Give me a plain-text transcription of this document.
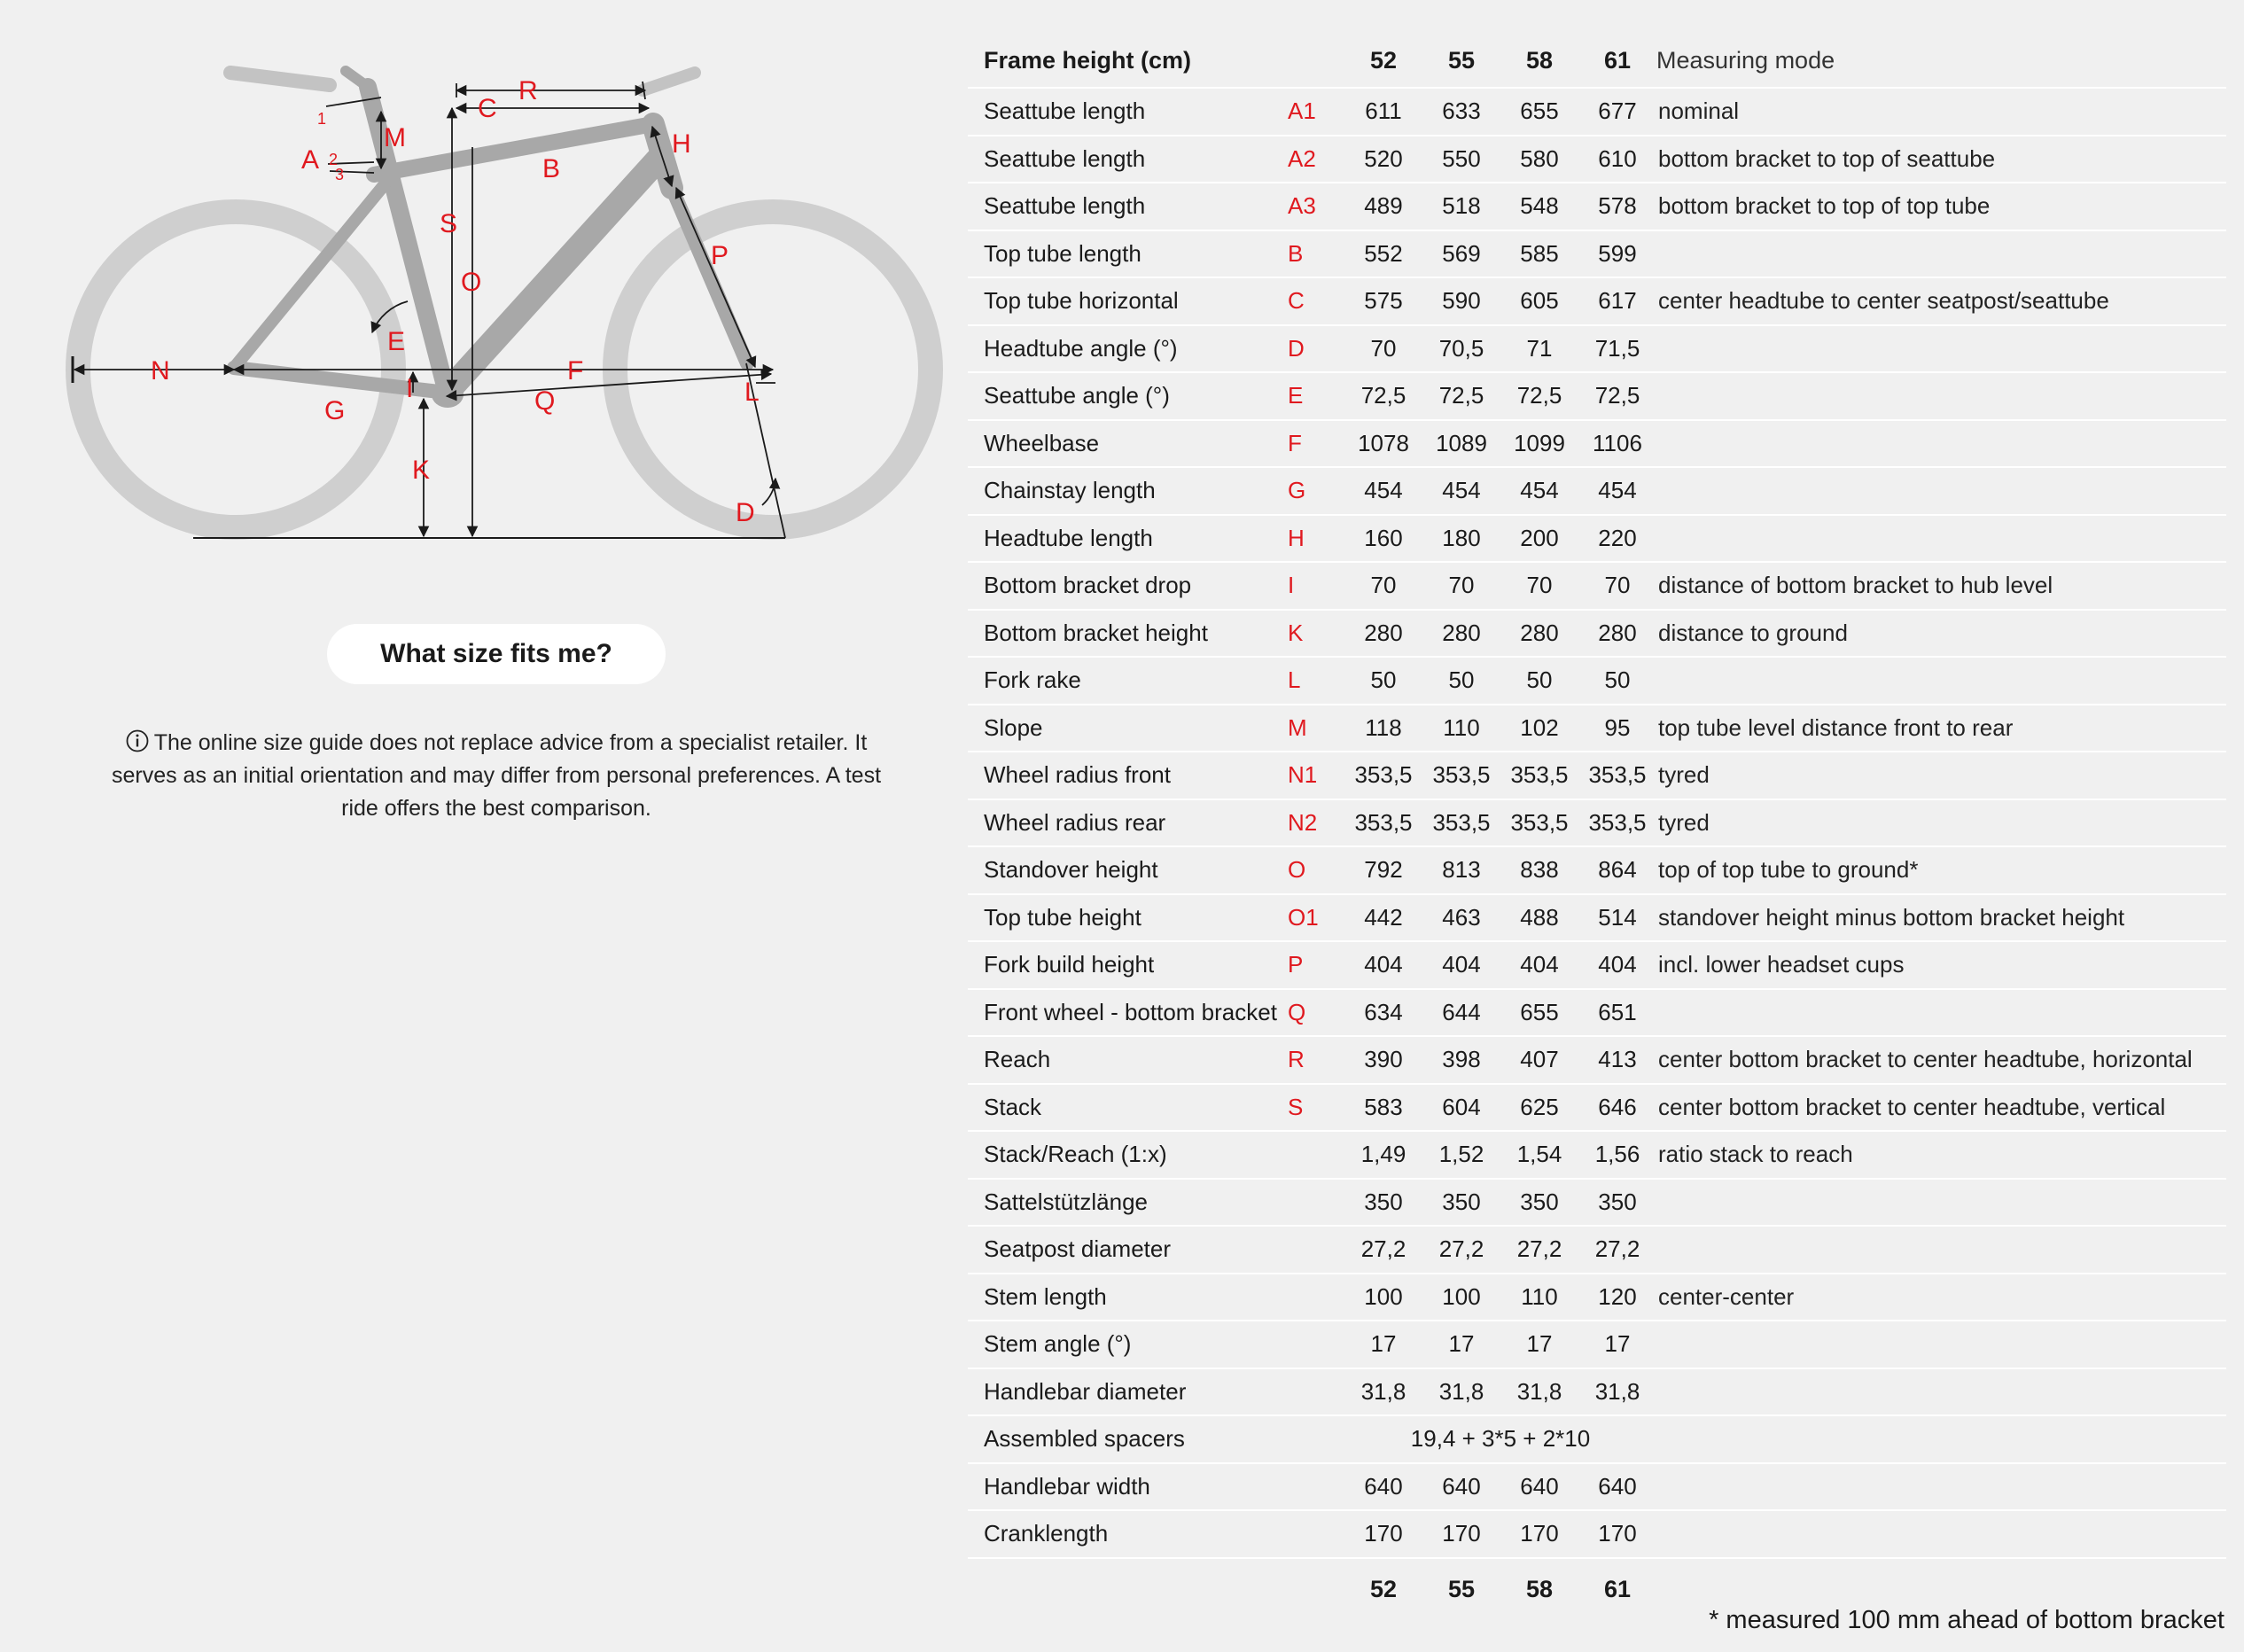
R
C
M
A
1
2
3	B
H
S
O
P
E
N	F
I	Q	L
G
K
D
What size fits me?
The online size guide does not replace advice from a specialist retailer. It serves as an initial orientation and may differ from personal preferences. A test ride offers the best comparison.
Frame height (cm)		52	55	58	61	Measuring mode
Seattube length	A1	611	633	655	677	nominal
Seattube length	A2	520	550	580	610	bottom bracket to top of seattube
Seattube length	A3	489	518	548	578	bottom bracket to top of top tube
Top tube length	B	552	569	585	599	
Top tube horizontal	C	575	590	605	617	center headtube to center seatpost/seattube
Headtube angle (°)	D	70	70,5	71	71,5	
Seattube angle (°)	E	72,5	72,5	72,5	72,5	
Wheelbase	F	1078	1089	1099	1106	
Chainstay length	G	454	454	454	454	
Headtube length	H	160	180	200	220	
Bottom bracket drop	I	70	70	70	70	distance of bottom bracket to hub level
Bottom bracket height	K	280	280	280	280	distance to ground
Fork rake	L	50	50	50	50	
Slope	M	118	110	102	95	top tube level distance front to rear
Wheel radius front	N1	353,5	353,5	353,5	353,5	tyred
Wheel radius rear	N2	353,5	353,5	353,5	353,5	tyred
Standover height	O	792	813	838	864	top of top tube to ground*
Top tube height	O1	442	463	488	514	standover height minus bottom bracket height
Fork build height	P	404	404	404	404	incl. lower headset cups
Front wheel - bottom bracket	Q	634	644	655	651	
Reach	R	390	398	407	413	center bottom bracket to center headtube, horizontal
Stack	S	583	604	625	646	center bottom bracket to center headtube, vertical
Stack/Reach (1:x)		1,49	1,52	1,54	1,56	ratio stack to reach
Sattelstützlänge		350	350	350	350	
Seatpost diameter		27,2	27,2	27,2	27,2	
Stem length		100	100	110	120	center-center
Stem angle (°)		17	17	17	17	
Handlebar diameter		31,8	31,8	31,8	31,8	
Assembled spacers		19,4 + 3*5 + 2*10				
Handlebar width		640	640	640	640	
Cranklength		170	170	170	170	
		52	55	58	61	
* measured 100 mm ahead of bottom bracket
